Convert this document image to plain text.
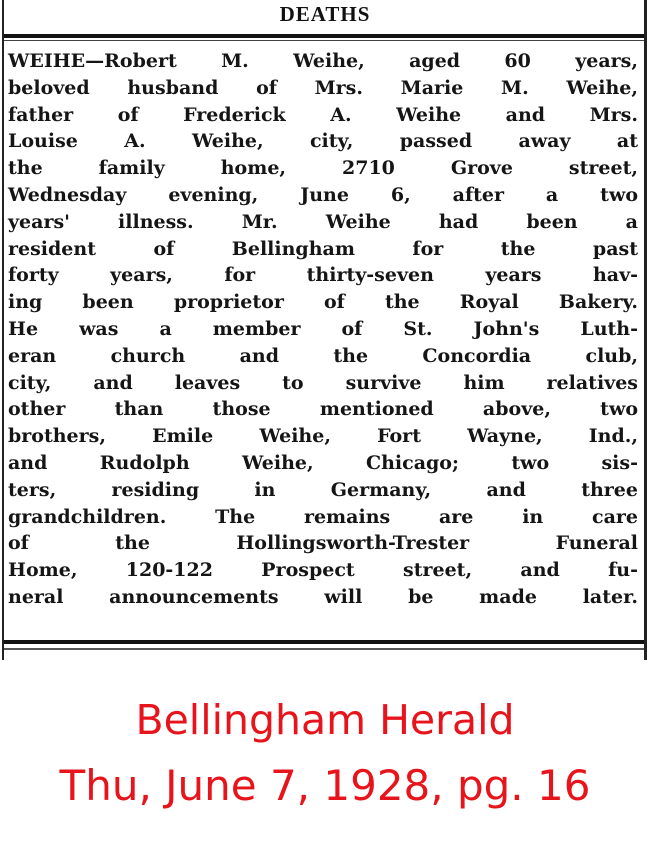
DEATHS
WEIHE—Robert M. Weihe, aged 60 years,
beloved husband of Mrs. Marie M. Weihe,
father of Frederick A. Weihe and Mrs.
Louise A. Weihe, city, passed away at
the family home, 2710 Grove street,
Wednesday evening, June 6, after a two
years' illness. Mr. Weihe had been a
resident of Bellingham for the past
forty years, for thirty-seven years hav-
ing been proprietor of the Royal Bakery.
He was a member of St. John's Luth-
eran church and the Concordia club,
city, and leaves to survive him relatives
other than those mentioned above, two
brothers, Emile Weihe, Fort Wayne, Ind.,
and Rudolph Weihe, Chicago; two sis-
ters, residing in Germany, and three
grandchildren. The remains are in care
of the Hollingsworth-Trester Funeral
Home, 120-122 Prospect street, and fu-
neral announcements will be made later.
Bellingham Herald
Thu, June 7, 1928, pg. 16
